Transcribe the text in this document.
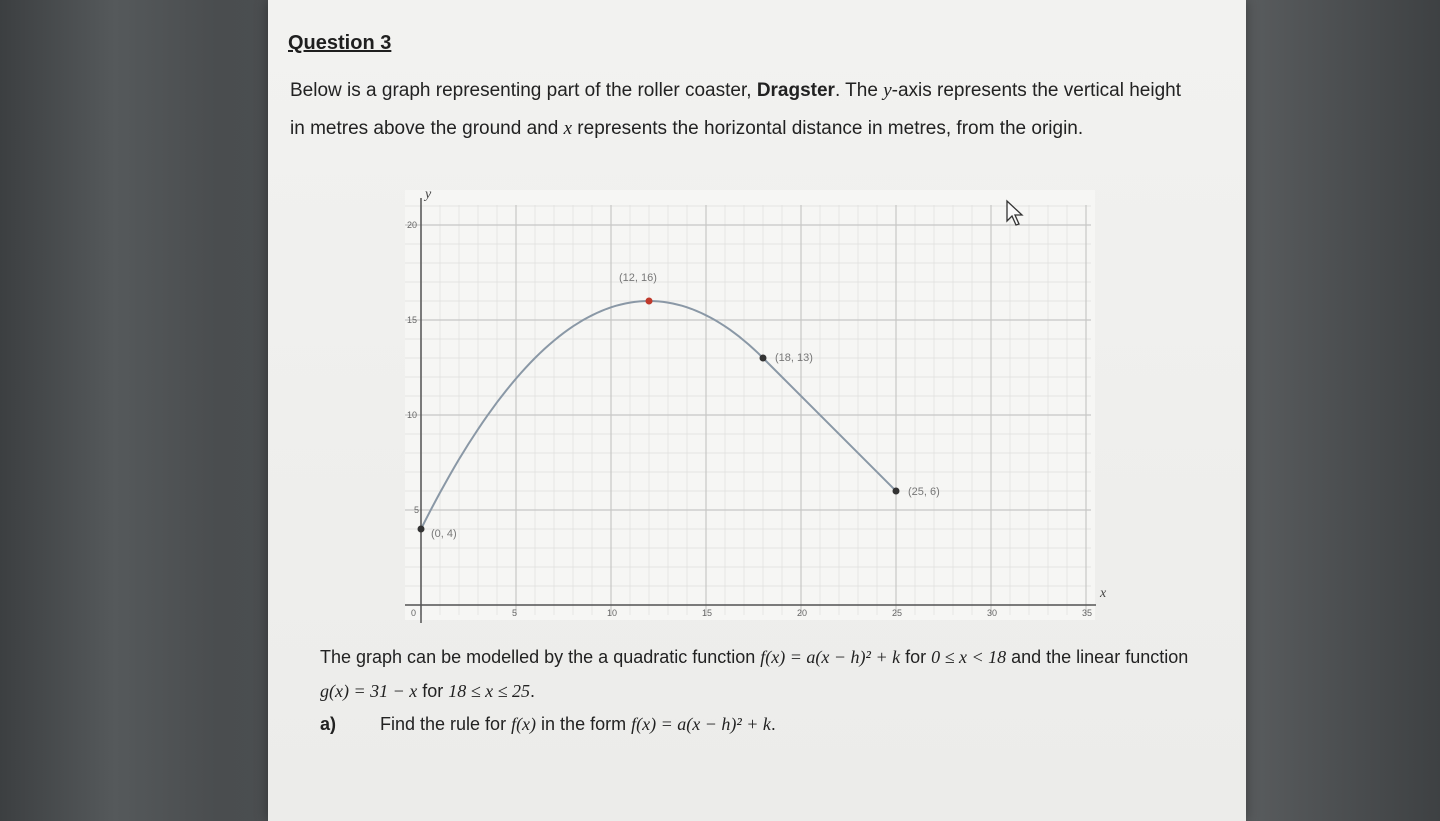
Question 3
Below is a graph representing part of the roller coaster, Dragster. The y-axis represents the vertical height in metres above the ground and x represents the horizontal distance in metres, from the origin.
0	5	10	15	20	25	30	35
5
10
15
20
(0, 4)
(12, 16)
(18, 13)
(25, 6)
x
y
The graph can be modelled by the a quadratic function f(x) = a(x − h)² + k for 0 ≤ x < 18 and the linear function
g(x) = 31 − x for 18 ≤ x ≤ 25.
a) Find the rule for f(x) in the form f(x) = a(x − h)² + k.
